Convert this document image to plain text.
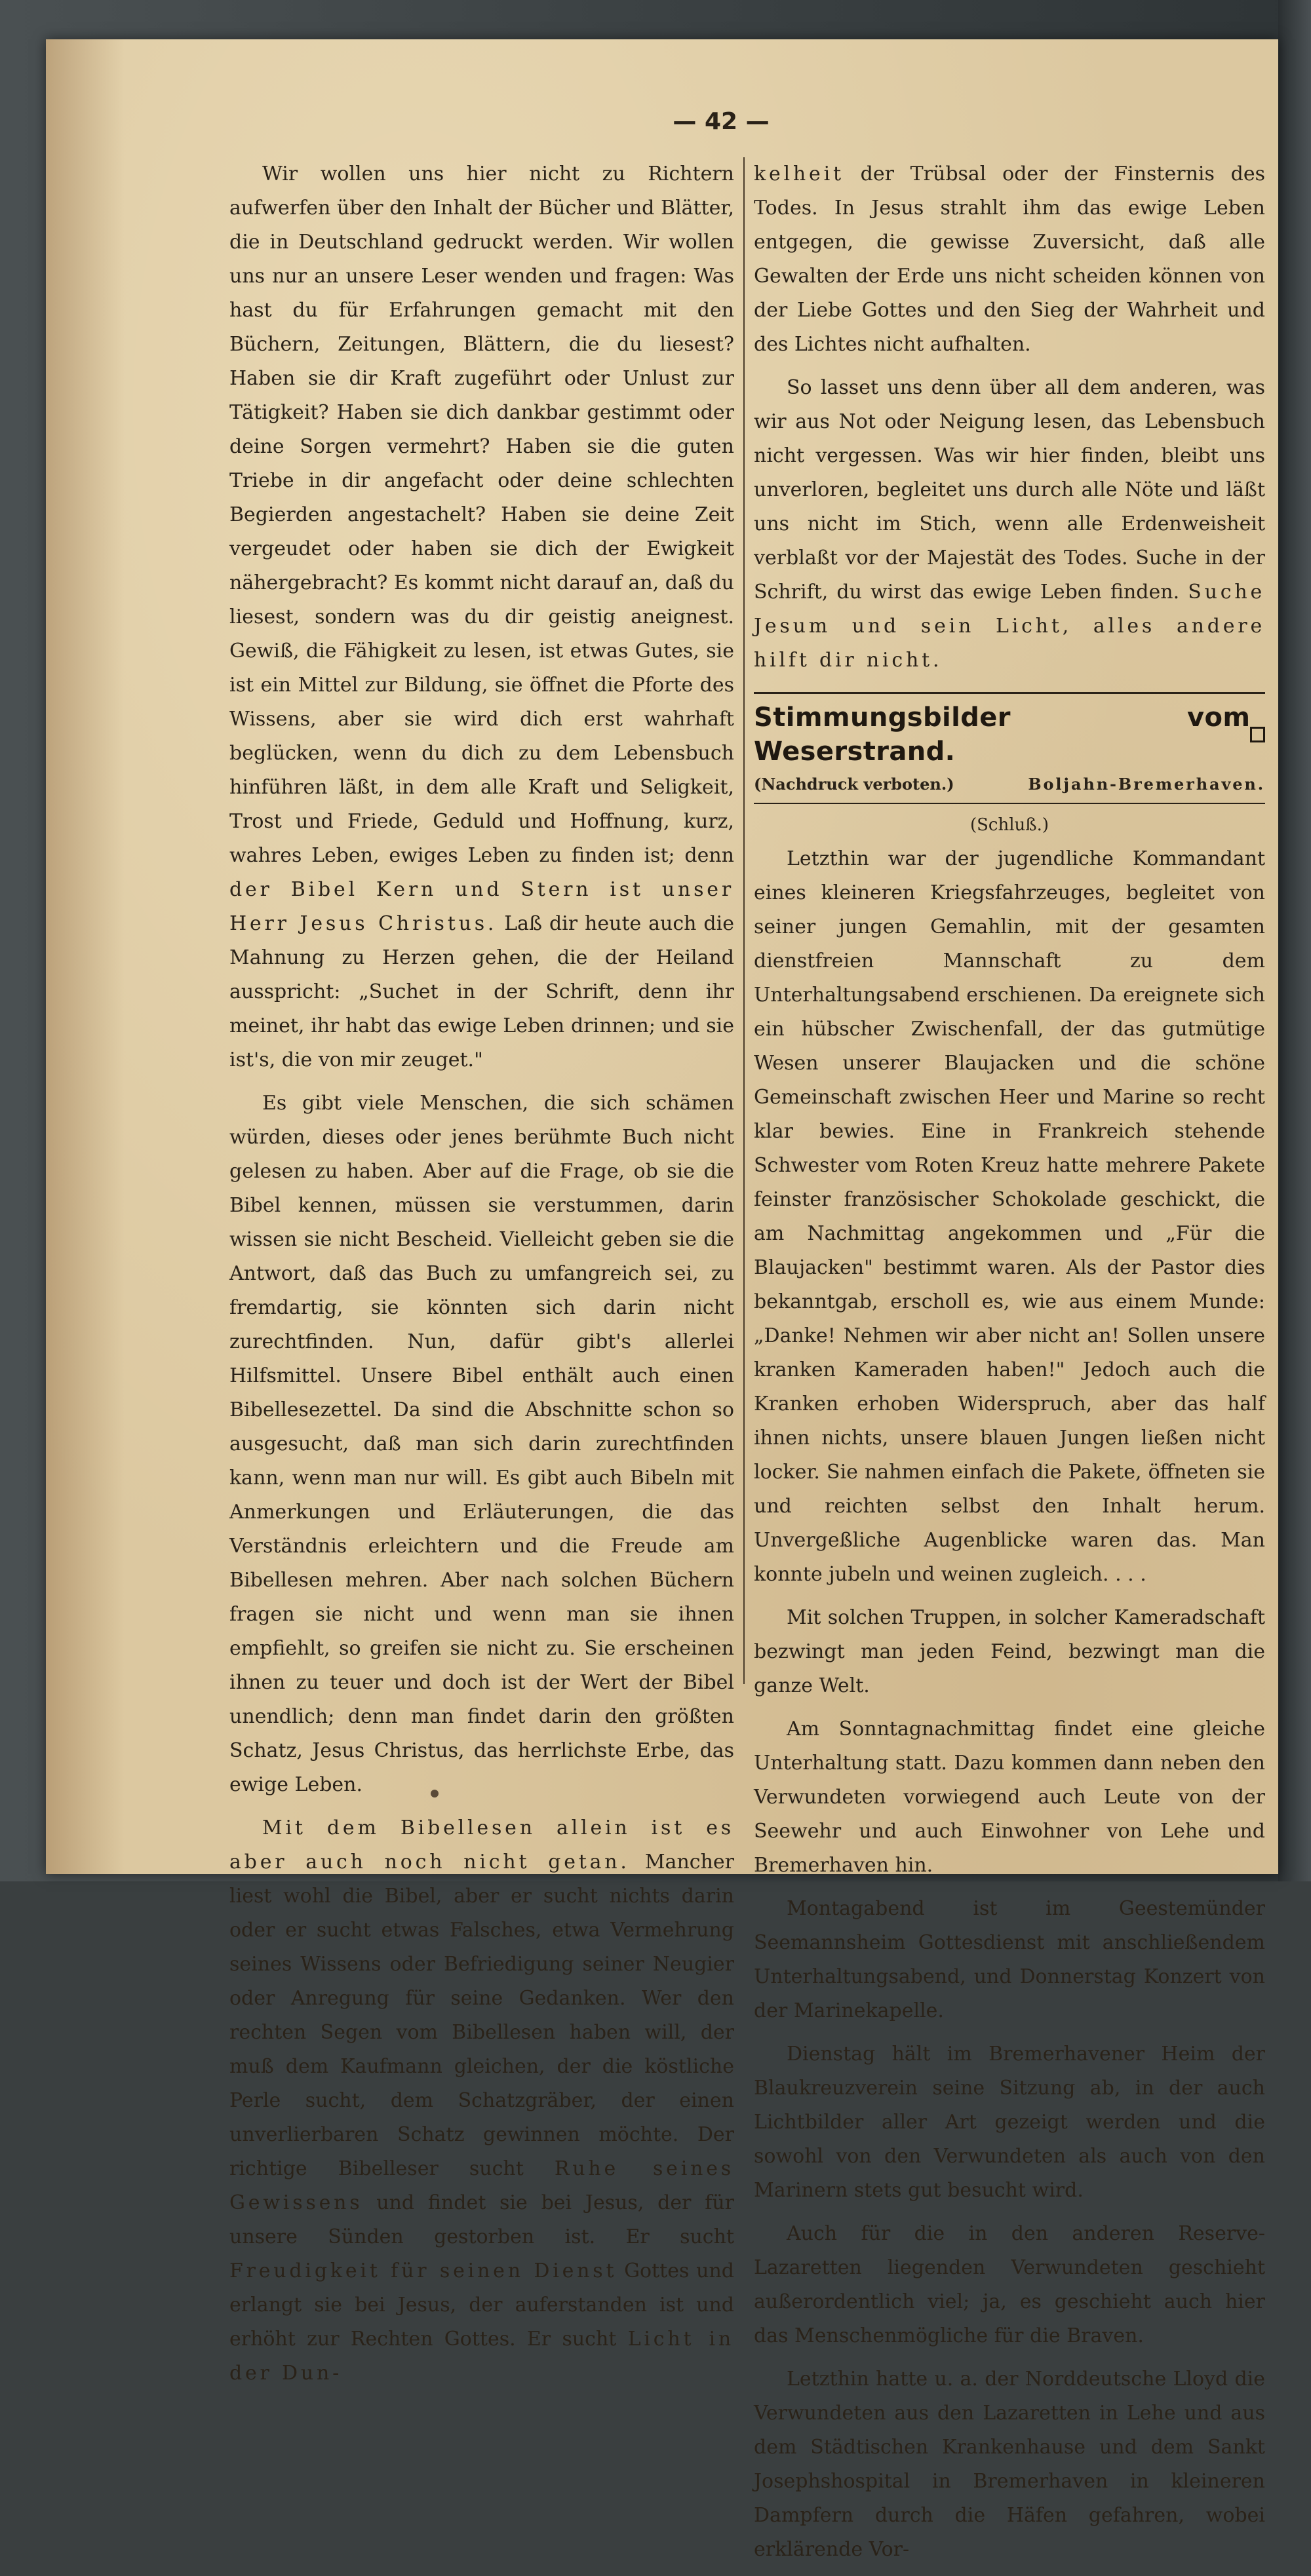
— 42 —

Wir wollen uns hier nicht zu Richtern aufwerfen über den Inhalt der Bücher und Blätter, die in Deutschland gedruckt werden. Wir wollen uns nur an unsere Leser wenden und fragen: Was hast du für Erfahrungen gemacht mit den Büchern, Zeitungen, Blättern, die du liesest? Haben sie dir Kraft zugeführt oder Unlust zur Tätigkeit? Haben sie dich dankbar gestimmt oder deine Sorgen vermehrt? Haben sie die guten Triebe in dir angefacht oder deine schlechten Begierden angestachelt? Haben sie deine Zeit vergeudet oder haben sie dich der Ewigkeit nähergebracht? Es kommt nicht darauf an, daß du liesest, sondern was du dir geistig aneignest. Gewiß, die Fähigkeit zu lesen, ist etwas Gutes, sie ist ein Mittel zur Bildung, sie öffnet die Pforte des Wissens, aber sie wird dich erst wahrhaft beglücken, wenn du dich zu dem Lebensbuch hinführen läßt, in dem alle Kraft und Seligkeit, Trost und Friede, Geduld und Hoffnung, kurz, wahres Leben, ewiges Leben zu finden ist; denn der Bibel Kern und Stern ist unser Herr Jesus Christus. Laß dir heute auch die Mahnung zu Herzen gehen, die der Heiland ausspricht: „Suchet in der Schrift, denn ihr meinet, ihr habt das ewige Leben drinnen; und sie ist's, die von mir zeuget."

Es gibt viele Menschen, die sich schämen würden, dieses oder jenes berühmte Buch nicht gelesen zu haben. Aber auf die Frage, ob sie die Bibel kennen, müssen sie verstummen, darin wissen sie nicht Bescheid. Vielleicht geben sie die Antwort, daß das Buch zu umfangreich sei, zu fremdartig, sie könnten sich darin nicht zurechtfinden. Nun, dafür gibt's allerlei Hilfsmittel. Unsere Bibel enthält auch einen Bibellesezettel. Da sind die Abschnitte schon so ausgesucht, daß man sich darin zurechtfinden kann, wenn man nur will. Es gibt auch Bibeln mit Anmerkungen und Erläuterungen, die das Verständnis erleichtern und die Freude am Bibellesen mehren. Aber nach solchen Büchern fragen sie nicht und wenn man sie ihnen empfiehlt, so greifen sie nicht zu. Sie erscheinen ihnen zu teuer und doch ist der Wert der Bibel unendlich; denn man findet darin den größten Schatz, Jesus Christus, das herrlichste Erbe, das ewige Leben.

Mit dem Bibellesen allein ist es aber auch noch nicht getan. Mancher liest wohl die Bibel, aber er sucht nichts darin oder er sucht etwas Falsches, etwa Vermehrung seines Wissens oder Befriedigung seiner Neugier oder Anregung für seine Gedanken. Wer den rechten Segen vom Bibellesen haben will, der muß dem Kaufmann gleichen, der die köstliche Perle sucht, dem Schatzgräber, der einen unverlierbaren Schatz gewinnen möchte. Der richtige Bibelleser sucht Ruhe seines Gewissens und findet sie bei Jesus, der für unsere Sünden gestorben ist. Er sucht Freudigkeit für seinen Dienst Gottes und erlangt sie bei Jesus, der auferstanden ist und erhöht zur Rechten Gottes. Er sucht Licht in der Dun-

kelheit der Trübsal oder der Finsternis des Todes. In Jesus strahlt ihm das ewige Leben entgegen, die gewisse Zuversicht, daß alle Gewalten der Erde uns nicht scheiden können von der Liebe Gottes und den Sieg der Wahrheit und des Lichtes nicht aufhalten.

So lasset uns denn über all dem anderen, was wir aus Not oder Neigung lesen, das Lebensbuch nicht vergessen. Was wir hier finden, bleibt uns unverloren, begleitet uns durch alle Nöte und läßt uns nicht im Stich, wenn alle Erdenweisheit verblaßt vor der Majestät des Todes. Suche in der Schrift, du wirst das ewige Leben finden. Suche Jesum und sein Licht, alles andere hilft dir nicht.

Stimmungsbilder vom Weserstrand.
(Nachdruck verboten.)	Boljahn-Bremerhaven.
(Schluß.)

Letzthin war der jugendliche Kommandant eines kleineren Kriegsfahrzeuges, begleitet von seiner jungen Gemahlin, mit der gesamten dienstfreien Mannschaft zu dem Unterhaltungsabend erschienen. Da ereignete sich ein hübscher Zwischenfall, der das gutmütige Wesen unserer Blaujacken und die schöne Gemeinschaft zwischen Heer und Marine so recht klar bewies. Eine in Frankreich stehende Schwester vom Roten Kreuz hatte mehrere Pakete feinster französischer Schokolade geschickt, die am Nachmittag angekommen und „Für die Blaujacken" bestimmt waren. Als der Pastor dies bekanntgab, erscholl es, wie aus einem Munde: „Danke! Nehmen wir aber nicht an! Sollen unsere kranken Kameraden haben!" Jedoch auch die Kranken erhoben Widerspruch, aber das half ihnen nichts, unsere blauen Jungen ließen nicht locker. Sie nahmen einfach die Pakete, öffneten sie und reichten selbst den Inhalt herum. Unvergeßliche Augenblicke waren das. Man konnte jubeln und weinen zugleich. . . .

Mit solchen Truppen, in solcher Kameradschaft bezwingt man jeden Feind, bezwingt man die ganze Welt.

Am Sonntagnachmittag findet eine gleiche Unterhaltung statt. Dazu kommen dann neben den Verwundeten vorwiegend auch Leute von der Seewehr und auch Einwohner von Lehe und Bremerhaven hin.

Montagabend ist im Geestemünder Seemannsheim Gottesdienst mit anschließendem Unterhaltungsabend, und Donnerstag Konzert von der Marinekapelle.

Dienstag hält im Bremerhavener Heim der Blaukreuzverein seine Sitzung ab, in der auch Lichtbilder aller Art gezeigt werden und die sowohl von den Verwundeten als auch von den Marinern stets gut besucht wird.

Auch für die in den anderen Reserve-Lazaretten liegenden Verwundeten geschieht außerordentlich viel; ja, es geschieht auch hier das Menschenmögliche für die Braven.

Letzthin hatte u. a. der Norddeutsche Lloyd die Verwundeten aus den Lazaretten in Lehe und aus dem Städtischen Krankenhause und dem Sankt Josephshospital in Bremerhaven in kleineren Dampfern durch die Häfen gefahren, wobei erklärende Vor-
